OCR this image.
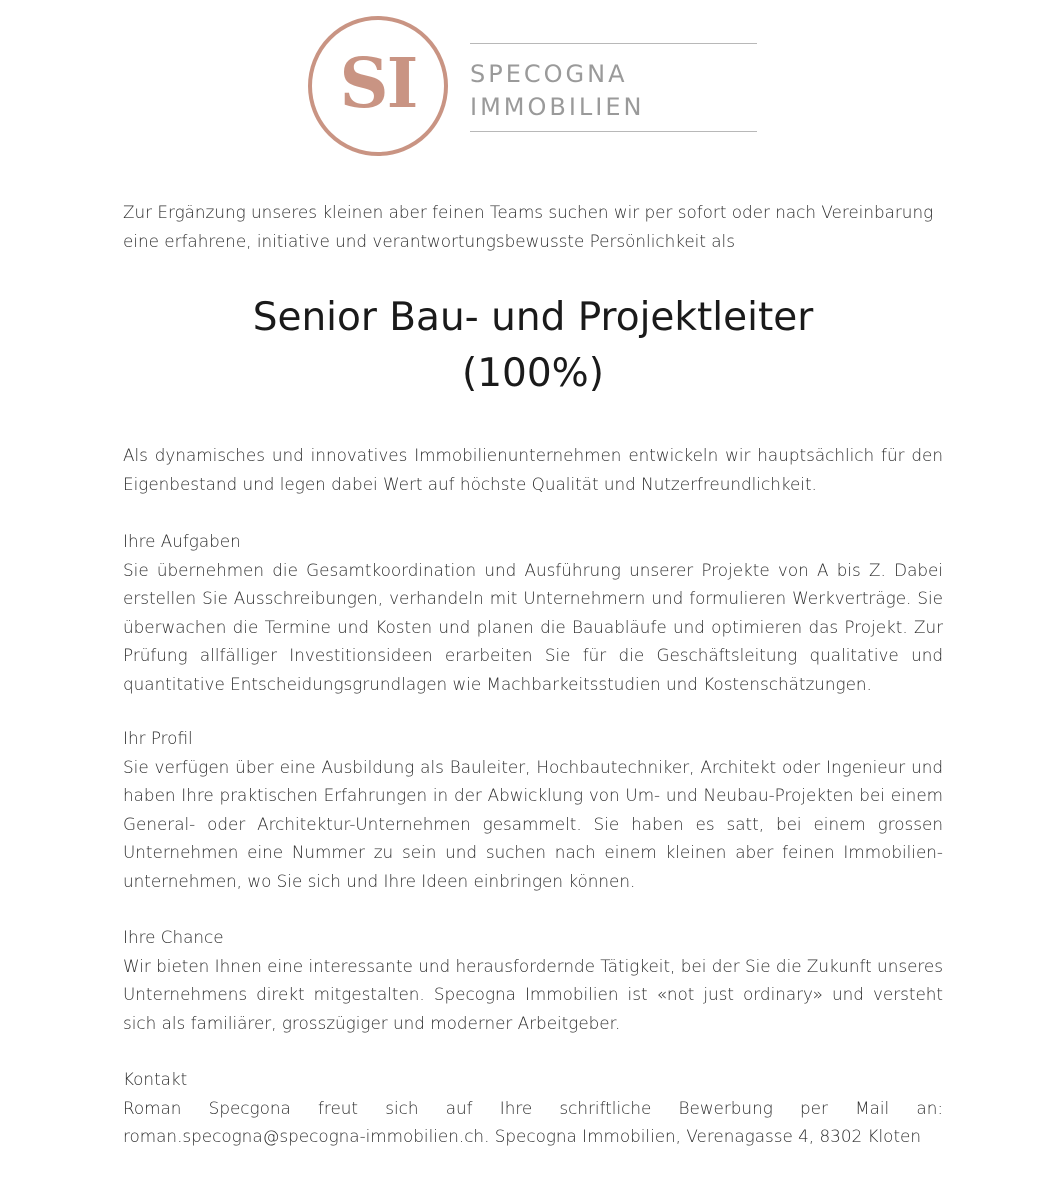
SI	SPECOGNA
IMMOBILIEN

Zur Ergänzung unseres kleinen aber feinen Teams suchen wir per sofort oder nach Vereinbarung eine erfahrene, initiative und verantwortungsbewusste Persönlichkeit als

Senior Bau- und Projektleiter
(100%)

Als dynamisches und innovatives Immobilienunternehmen entwickeln wir hauptsächlich für den Eigenbestand und legen dabei Wert auf höchste Qualität und Nutzerfreundlichkeit.

Ihre Aufgaben

Sie übernehmen die Gesamtkoordination und Ausführung unserer Projekte von A bis Z. Dabei erstellen Sie Ausschreibungen, verhandeln mit Unternehmern und formulieren Werkverträge. Sie überwachen die Termine und Kosten und planen die Bauabläufe und optimieren das Projekt. Zur Prüfung allfälliger Investitionsideen erarbeiten Sie für die Geschäftsleitung qualitative und quantitative Entscheidungsgrundlagen wie Machbarkeitsstudien und Kostenschätzungen.

Ihr Profil

Sie verfügen über eine Ausbildung als Bauleiter, Hochbautechniker, Architekt oder Ingenieur und haben Ihre praktischen Erfahrungen in der Abwicklung von Um- und Neubau-Projekten bei einem General- oder Architektur-Unternehmen gesammelt. Sie haben es satt, bei einem grossen Unternehmen eine Nummer zu sein und suchen nach einem kleinen aber feinen Immobilien-unternehmen, wo Sie sich und Ihre Ideen einbringen können.

Ihre Chance

Wir bieten Ihnen eine interessante und herausfordernde Tätigkeit, bei der Sie die Zukunft unseres Unternehmens direkt mitgestalten. Specogna Immobilien ist «not just ordinary» und versteht sich als familiärer, grosszügiger und moderner Arbeitgeber.

Kontakt
Roman Specgona freut sich auf Ihre schriftliche Bewerbung per Mail an:
roman.specogna@specogna-immobilien.ch. Specogna Immobilien, Verenagasse 4, 8302 Kloten
